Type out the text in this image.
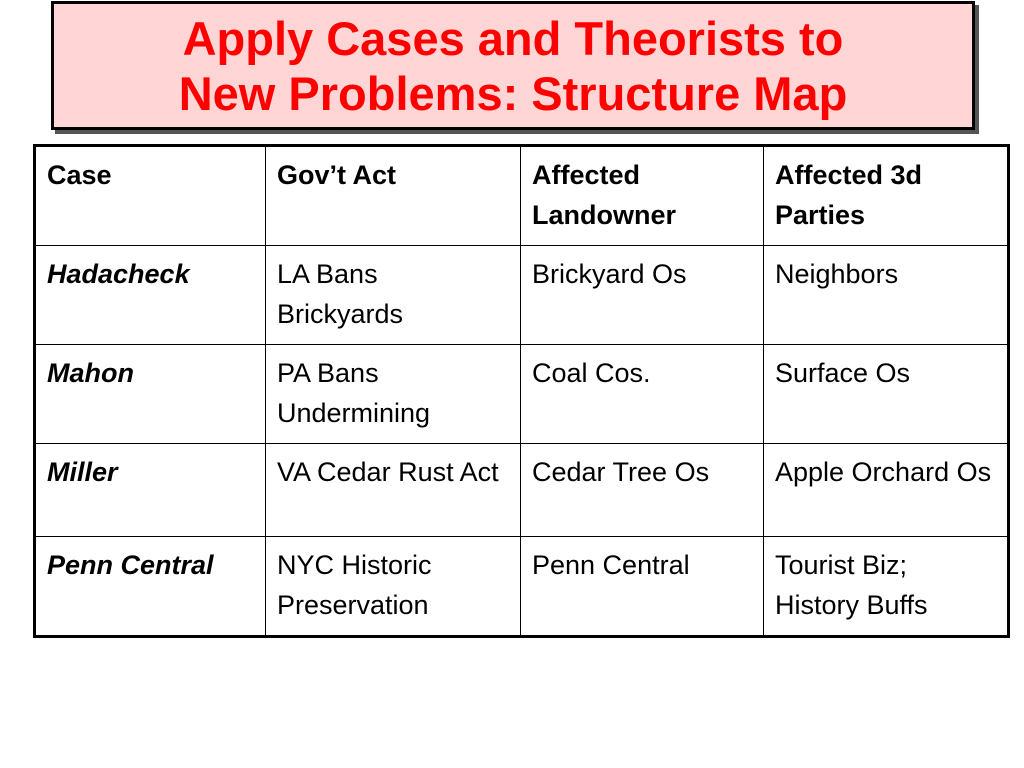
Apply Cases and Theorists to
New Problems: Structure Map
Case	Gov’t Act	Affected Landowner	Affected 3d Parties
Hadacheck	LA Bans Brickyards	Brickyard Os	Neighbors
Mahon	PA Bans Undermining	Coal Cos.	Surface Os
Miller	VA Cedar Rust Act	Cedar Tree Os	Apple Orchard Os
Penn Central	NYC Historic Preservation	Penn Central	Tourist Biz; History Buffs
